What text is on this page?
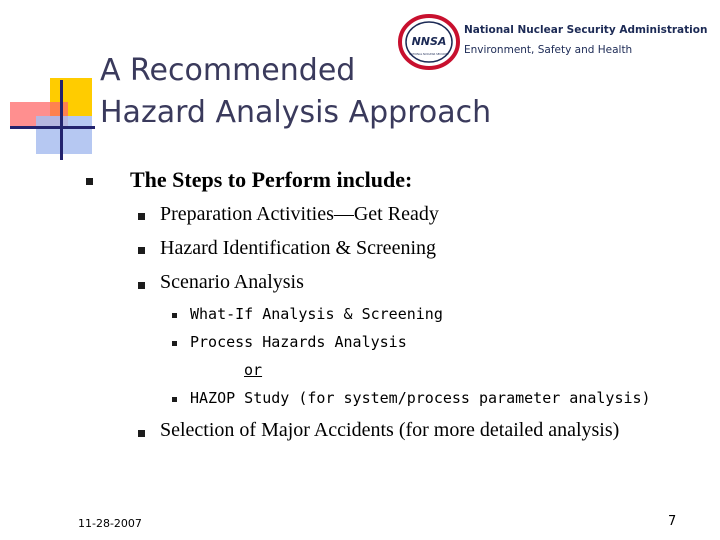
A Recommended
Hazard Analysis Approach
NNSA
NATIONAL NUCLEAR SECURITY
National Nuclear Security Administration
Environment, Safety and Health
The Steps to Perform include:
Preparation Activities—Get Ready
Hazard Identification & Screening
Scenario Analysis
What-If Analysis & Screening
Process Hazards Analysis
or
HAZOP Study (for system/process parameter analysis)
Selection of Major Accidents (for more detailed analysis)
11-28-2007	7
